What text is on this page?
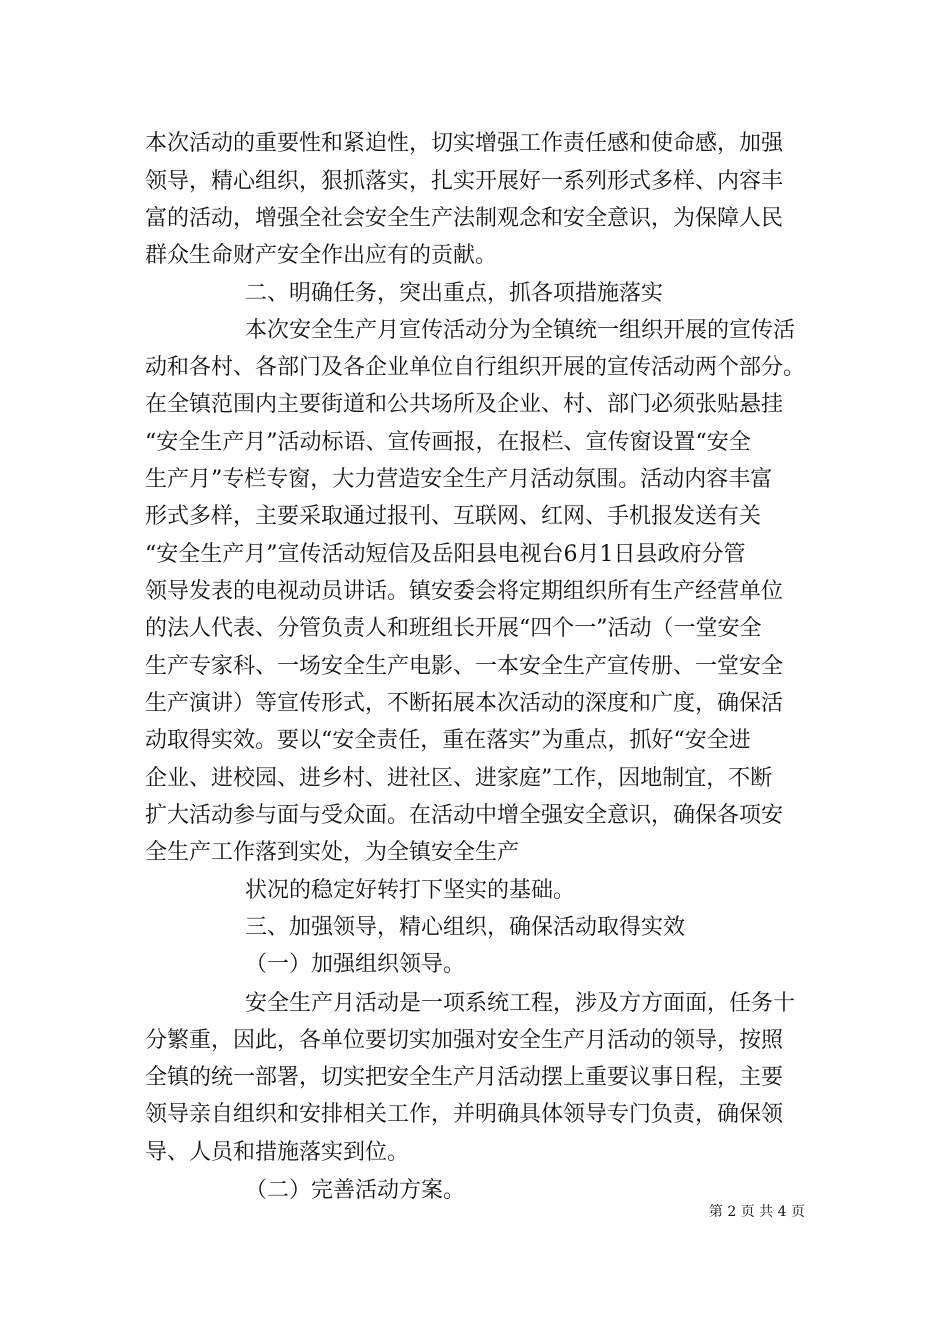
本次活动的重要性和紧迫性，切实增强工作责任感和使命感，加强
领导，精心组织，狠抓落实，扎实开展好一系列形式多样、内容丰
富的活动，增强全社会安全生产法制观念和安全意识，为保障人民
群众生命财产安全作出应有的贡献。
二、明确任务，突出重点，抓各项措施落实
本次安全生产月宣传活动分为全镇统一组织开展的宣传活
动和各村、各部门及各企业单位自行组织开展的宣传活动两个部分。
在全镇范围内主要街道和公共场所及企业、村、部门必须张贴悬挂
“安全生产月”活动标语、宣传画报，在报栏、宣传窗设置“安全
生产月”专栏专窗，大力营造安全生产月活动氛围。活动内容丰富
形式多样，主要采取通过报刊、互联网、红网、手机报发送有关
“安全生产月”宣传活动短信及岳阳县电视台6月1日县政府分管
领导发表的电视动员讲话。镇安委会将定期组织所有生产经营单位
的法人代表、分管负责人和班组长开展“四个一”活动（一堂安全
生产专家科、一场安全生产电影、一本安全生产宣传册、一堂安全
生产演讲）等宣传形式，不断拓展本次活动的深度和广度，确保活
动取得实效。要以“安全责任，重在落实”为重点，抓好“安全进
企业、进校园、进乡村、进社区、进家庭”工作，因地制宜，不断
扩大活动参与面与受众面。在活动中增全强安全意识，确保各项安
全生产工作落到实处，为全镇安全生产
状况的稳定好转打下坚实的基础。
三、加强领导，精心组织，确保活动取得实效
（一）加强组织领导。
安全生产月活动是一项系统工程，涉及方方面面，任务十
分繁重，因此，各单位要切实加强对安全生产月活动的领导，按照
全镇的统一部署，切实把安全生产月活动摆上重要议事日程，主要
领导亲自组织和安排相关工作，并明确具体领导专门负责，确保领
导、人员和措施落实到位。
（二）完善活动方案。
第 2 页 共 4 页
